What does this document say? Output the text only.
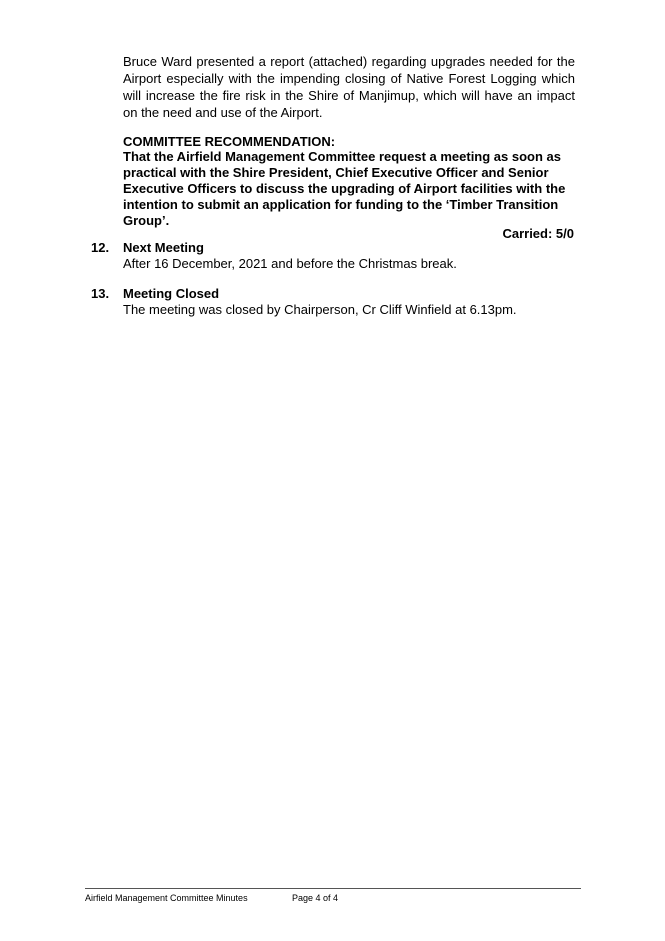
Bruce Ward presented a report (attached) regarding upgrades needed for the Airport especially with the impending closing of Native Forest Logging which will increase the fire risk in the Shire of Manjimup, which will have an impact on the need and use of the Airport.

COMMITTEE RECOMMENDATION:

That the Airfield Management Committee request a meeting as soon as practical with the Shire President, Chief Executive Officer and Senior Executive Officers to discuss the upgrading of Airport facilities with the intention to submit an application for funding to the ‘Timber Transition Group’.

Carried: 5/0

12. Next Meeting
After 16 December, 2021 and before the Christmas break.
13. Meeting Closed
The meeting was closed by Chairperson, Cr Cliff Winfield at 6.13pm.
Airfield Management Committee Minutes	Page 4 of 4
